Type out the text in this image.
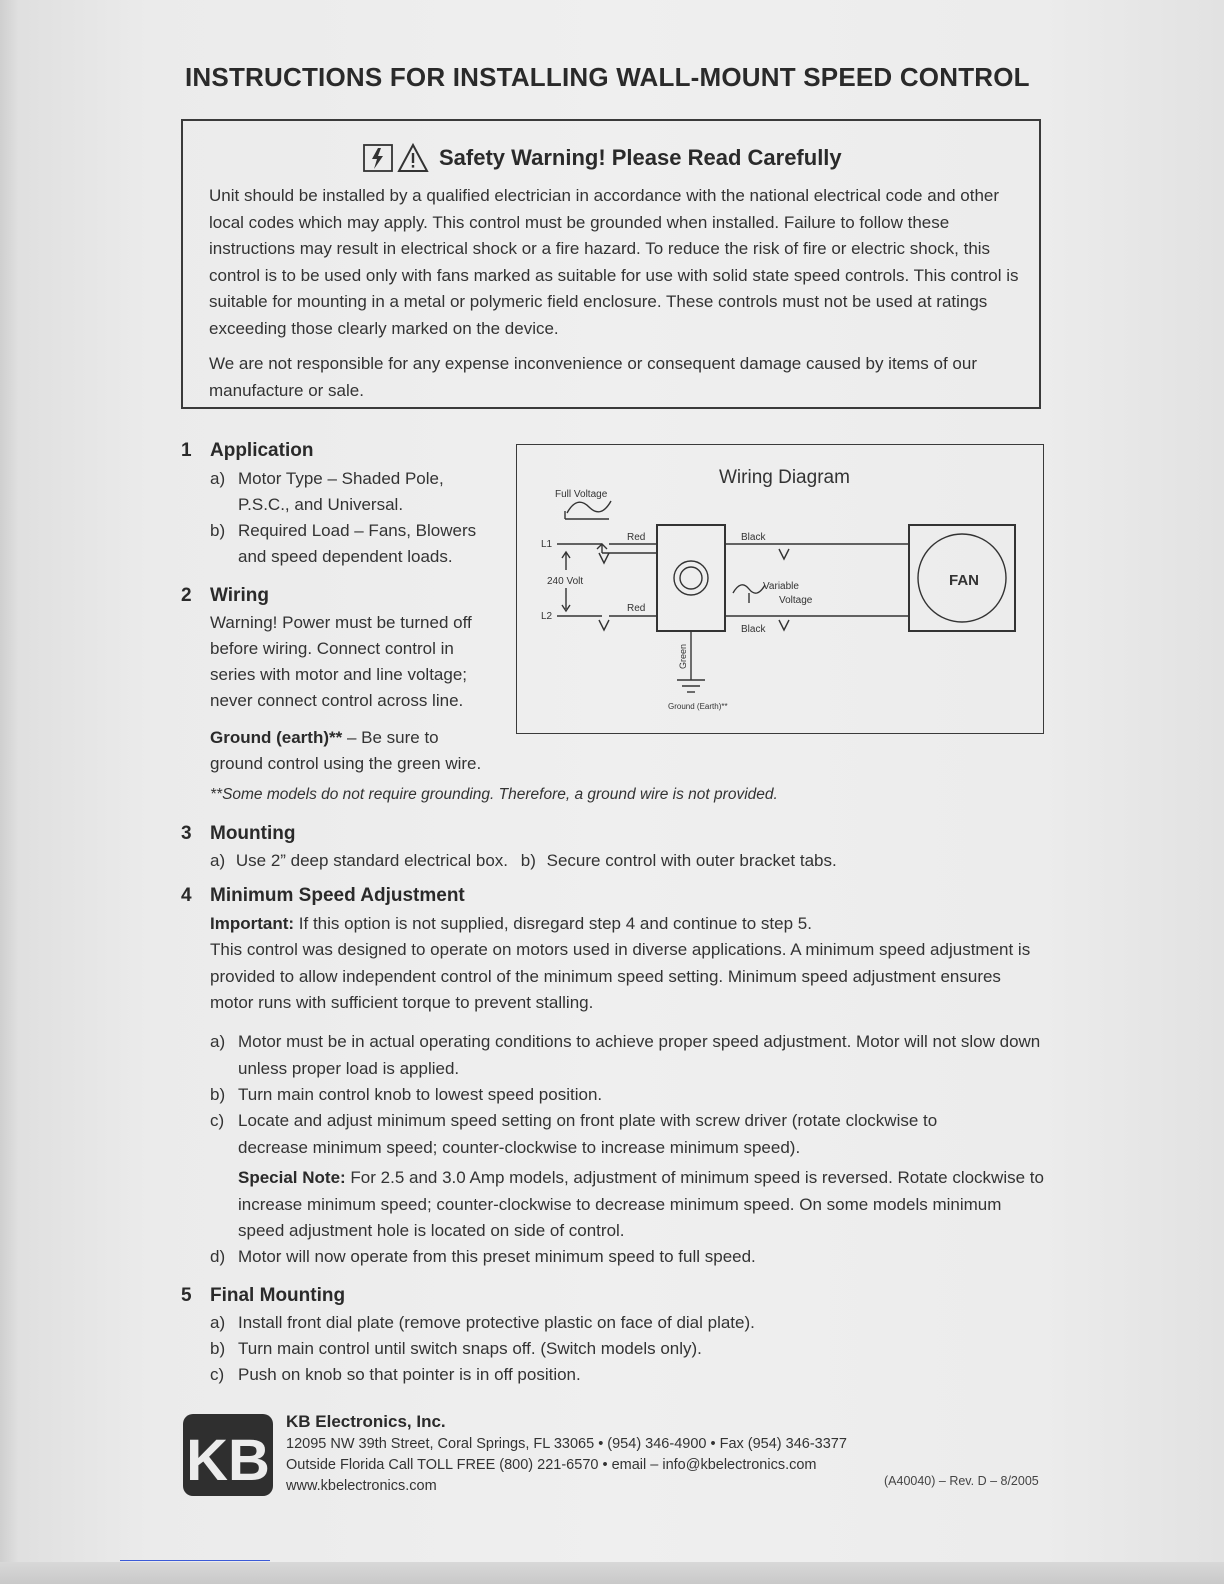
INSTRUCTIONS FOR INSTALLING WALL-MOUNT SPEED CONTROL
Safety Warning! Please Read Carefully

Unit should be installed by a qualified electrician in accordance with the national electrical code and other local codes which may apply. This control must be grounded when installed. Failure to follow these instructions may result in electrical shock or a fire hazard. To reduce the risk of fire or electric shock, this control is to be used only with fans marked as suitable for use with solid state speed controls. This control is suitable for mounting in a metal or polymeric field enclosure. These controls must not be used at ratings exceeding those clearly marked on the device.

We are not responsible for any expense inconvenience or consequent damage caused by items of our manufacture or sale.

1 Application
a) Motor Type – Shaded Pole,
P.S.C., and Universal.
b) Required Load – Fans, Blowers
and speed dependent loads.
2 Wiring
Warning! Power must be turned off
before wiring. Connect control in
series with motor and line voltage;
never connect control across line.
Ground (earth)** – Be sure to
ground control using the green wire.
**Some models do not require grounding. Therefore, a ground wire is not provided.
Wiring Diagram
Full Voltage
L1
L2
240 Volt
Red
Red
Black
Black
Variable
Voltage
FAN
Green
Ground (Earth)**
3 Mounting
a) Use 2” deep standard electrical box. b) Secure control with outer bracket tabs.
4 Minimum Speed Adjustment
Important: If this option is not supplied, disregard step 4 and continue to step 5.
This control was designed to operate on motors used in diverse applications. A minimum speed adjustment is provided to allow independent control of the minimum speed setting. Minimum speed adjustment ensures motor runs with sufficient torque to prevent stalling.
a) Motor must be in actual operating conditions to achieve proper speed adjustment. Motor will not slow down unless proper load is applied.
b) Turn main control knob to lowest speed position.
c) Locate and adjust minimum speed setting on front plate with screw driver (rotate clockwise to decrease minimum speed; counter-clockwise to increase minimum speed).
Special Note: For 2.5 and 3.0 Amp models, adjustment of minimum speed is reversed. Rotate clockwise to increase minimum speed; counter-clockwise to decrease minimum speed. On some models minimum speed adjustment hole is located on side of control.
d) Motor will now operate from this preset minimum speed to full speed.
5 Final Mounting
a) Install front dial plate (remove protective plastic on face of dial plate).
b) Turn main control until switch snaps off. (Switch models only).
c) Push on knob so that pointer is in off position.
KB
KB Electronics, Inc.
12095 NW 39th Street, Coral Springs, FL 33065 • (954) 346-4900 • Fax (954) 346-3377
Outside Florida Call TOLL FREE (800) 221-6570 • email – info@kbelectronics.com
www.kbelectronics.com	(A40040) – Rev. D – 8/2005
